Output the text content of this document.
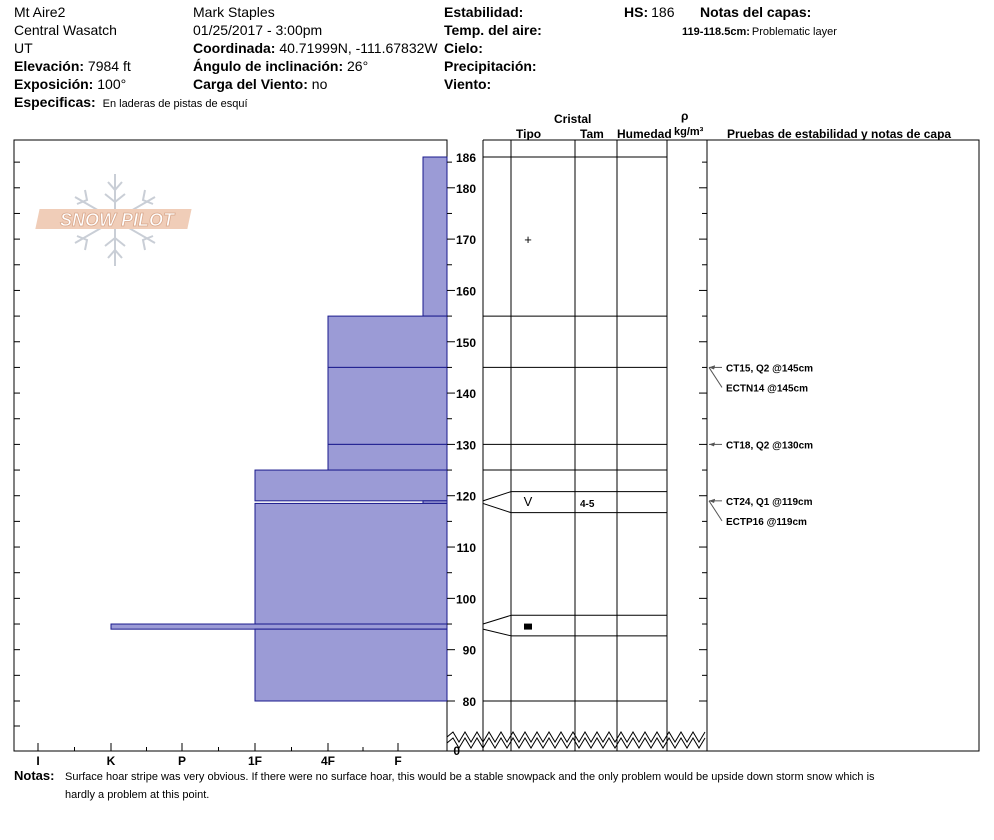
Mt Aire2
Central Wasatch
UT
Elevación: 7984 ft
Exposición: 100°
Especificas: En laderas de pistas de esquí
Mark Staples
01/25/2017 - 3:00pm
Coordinada: 40.71999N, -111.67832W
Ángulo de inclinación: 26°
Carga del Viento: no
Estabilidad:
Temp. del aire:
Cielo:
Precipitación:
Viento:
HS: 186 Notas del capas:
119-118.5cm: Problematic layer
Cristal
Tipo	Tam Humedad
ρ
kg/m³ Pruebas de estabilidad y notas de capa
Notas: Surface hoar stripe was very obvious. If there were no surface hoar, this would be a stable snowpack and the only problem would be upside down storm snow which is
hardly a problem at this point.
SNOW PILOT
I	K	P	1F	4F	F
80
90
100
110
120
130
140
150
160
170
180
186
0
+
V	4-5
CT15, Q2 @145cm
ECTN14 @145cm
CT18, Q2 @130cm
CT24, Q1 @119cm
ECTP16 @119cm
